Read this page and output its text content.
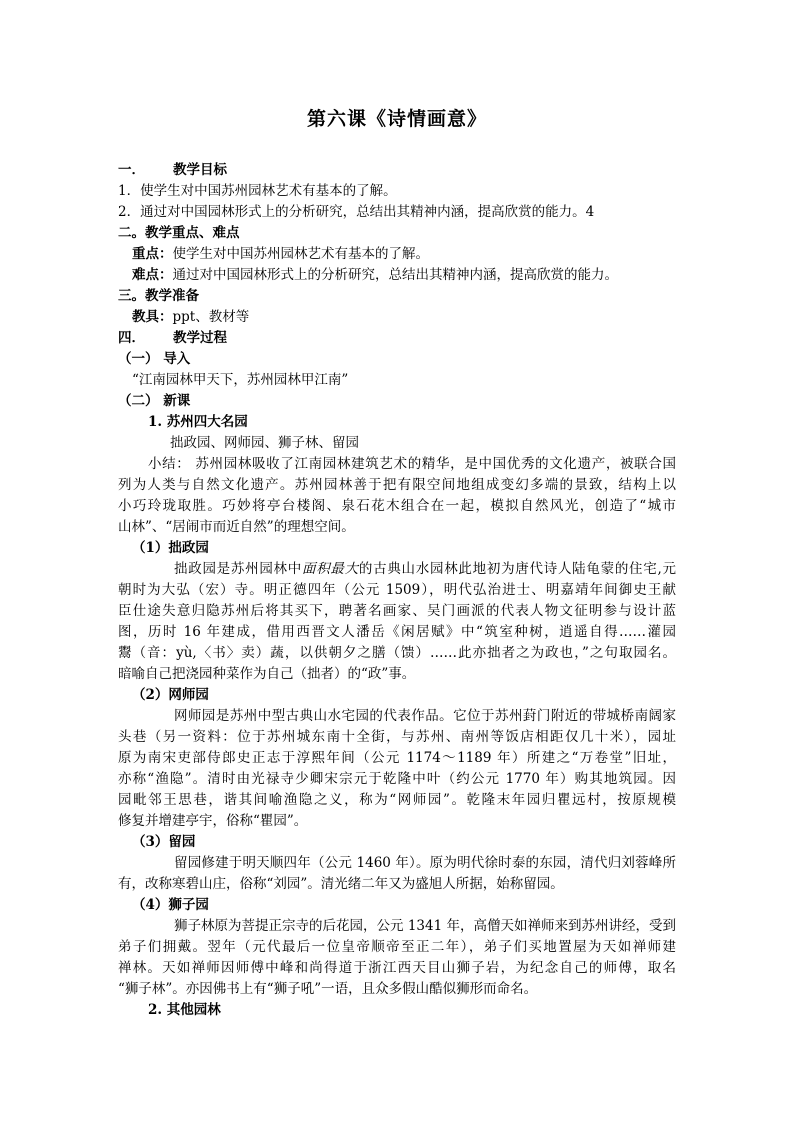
第六课《诗情画意》
一． 教学目标
1．使学生对中国苏州园林艺术有基本的了解。
2．通过对中国园林形式上的分析研究，总结出其精神内涵，提高欣赏的能力。4
二。教学重点、难点
重点：使学生对中国苏州园林艺术有基本的了解。
难点：通过对中国园林形式上的分析研究，总结出其精神内涵，提高欣赏的能力。
三。教学准备
教具：ppt、教材等
四． 教学过程
（一） 导入
“江南园林甲天下，苏州园林甲江南”
（二） 新课
1. 苏州四大名园
拙政园、网师园、狮子林、留园
小结： 苏州园林吸收了江南园林建筑艺术的精华，是中国优秀的文化遗产，被联合国
列为人类与自然文化遗产。苏州园林善于把有限空间地组成变幻多端的景致，结构上以
小巧玲珑取胜。巧妙将亭台楼阁、泉石花木组合在一起，模拟自然风光，创造了“城市
山林”、“居闹市而近自然”的理想空间。
（1）拙政园
拙政园是苏州园林中面积最大的古典山水园林此地初为唐代诗人陆龟蒙的住宅,元
朝时为大弘（宏）寺。明正德四年（公元 1509），明代弘治进士、明嘉靖年间御史王献
臣仕途失意归隐苏州后将其买下，聘著名画家、吴门画派的代表人物文征明参与设计蓝
图，历时 16 年建成，借用西晋文人潘岳《闲居赋》中“筑室种树，逍遥自得……灌园
鬻（音：yù,〈书〉卖）蔬，以供朝夕之膳（馈）……此亦拙者之为政也，”之句取园名。
暗喻自己把浇园种菜作为自己（拙者）的“政”事。
（2）网师园
网师园是苏州中型古典山水宅园的代表作品。它位于苏州葑门附近的带城桥南阔家
头巷（另一资料：位于苏州城东南十全街，与苏州、南州等饭店相距仅几十米），园址
原为南宋吏部侍郎史正志于淳熙年间（公元 1174～1189 年）所建之“万卷堂”旧址，
亦称“渔隐”。清时由光禄寺少卿宋宗元于乾隆中叶（约公元 1770 年）购其地筑园。因
园毗邻王思巷，谐其间喻渔隐之义，称为“网师园”。乾隆末年园归瞿远村，按原规模
修复并增建亭宇，俗称“瞿园”。
（3）留园
留园修建于明天顺四年（公元 1460 年）。原为明代徐时泰的东园，清代归刘蓉峰所
有，改称寒碧山庄，俗称“刘园”。清光绪二年又为盛旭人所据，始称留园。
（4）狮子园
狮子林原为菩提正宗寺的后花园，公元 1341 年，高僧天如禅师来到苏州讲经，受到
弟子们拥戴。翌年（元代最后一位皇帝顺帝至正二年），弟子们买地置屋为天如禅师建
禅林。天如禅师因师傅中峰和尚得道于浙江西天目山狮子岩，为纪念自己的师傅，取名
“狮子林”。亦因佛书上有“狮子吼”一语，且众多假山酷似狮形而命名。
2. 其他园林
